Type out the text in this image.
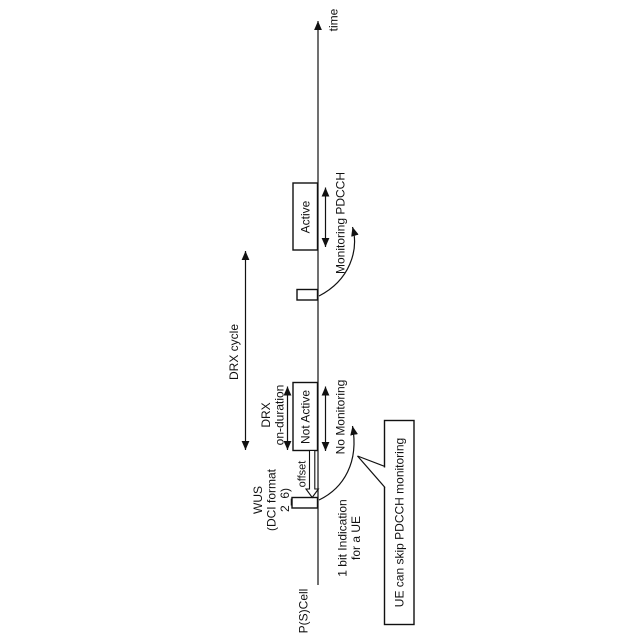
time
P(S)Cell
Not Active
DRX on-duration	No Monitoring
WUS (DCI format 2_6)
offset
1 bit Indication for a UE
DRX cycle
Active Monitoring PDCCH
UE can skip PDCCH monitoring
